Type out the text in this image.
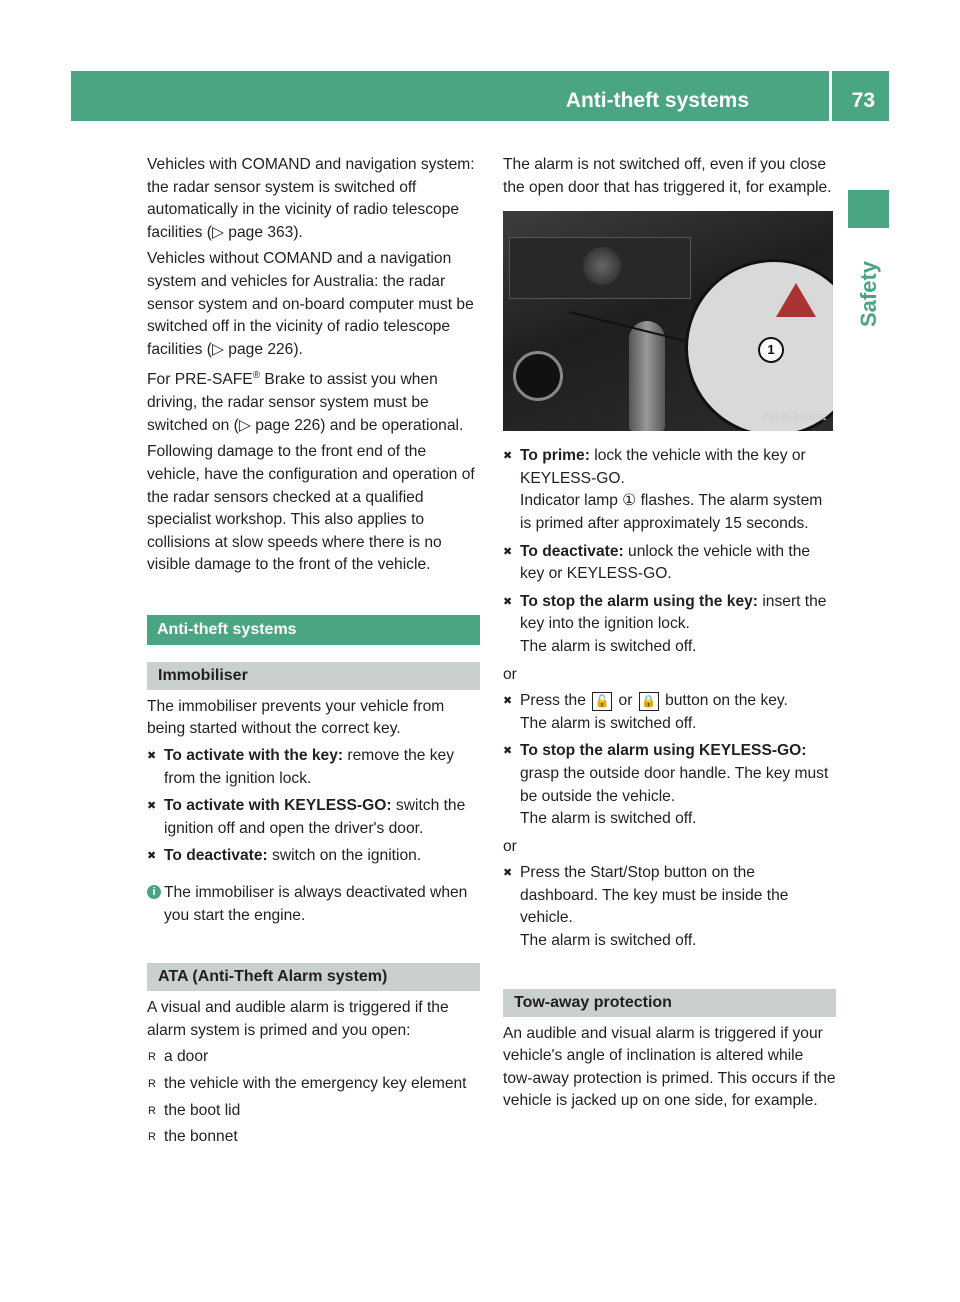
Anti-theft systems	73
Safety

Vehicles with COMAND and navigation system: the radar sensor system is switched off automatically in the vicinity of radio telescope facilities (▷ page 363).

Vehicles without COMAND and a navigation system and vehicles for Australia: the radar sensor system and on-board computer must be switched off in the vicinity of radio telescope facilities (▷ page 226).

For PRE-SAFE® Brake to assist you when driving, the radar sensor system must be switched on (▷ page 226) and be operational.

Following damage to the front end of the vehicle, have the configuration and operation of the radar sensors checked at a qualified specialist workshop. This also applies to collisions at slow speeds where there is no visible damage to the front of the vehicle.

Anti-theft systems
Immobiliser

The immobiliser prevents your vehicle from being started without the correct key.

✖ To activate with the key: remove the key from the ignition lock.
✖ To activate with KEYLESS-GO: switch the ignition off and open the driver's door.
✖ To deactivate: switch on the ignition.
i The immobiliser is always deactivated when you start the engine.
ATA (Anti-Theft Alarm system)

A visual and audible alarm is triggered if the alarm system is primed and you open:

R a door
R the vehicle with the emergency key element
R the boot lid
R the bonnet

The alarm is not switched off, even if you close the open door that has triggered it, for example.

1
P54.25-8516-31
✖ To prime: lock the vehicle with the key or KEYLESS-GO.
Indicator lamp ① flashes. The alarm system is primed after approximately 15 seconds.
✖ To deactivate: unlock the vehicle with the key or KEYLESS-GO.
✖ To stop the alarm using the key: insert the key into the ignition lock.
The alarm is switched off.

or

✖ Press the 🔓 or 🔒 button on the key.
The alarm is switched off.
✖ To stop the alarm using KEYLESS-GO: grasp the outside door handle. The key must be outside the vehicle.
The alarm is switched off.

or

✖ Press the Start/Stop button on the dashboard. The key must be inside the vehicle.
The alarm is switched off.
Tow-away protection

An audible and visual alarm is triggered if your vehicle's angle of inclination is altered while tow-away protection is primed. This occurs if the vehicle is jacked up on one side, for example.
